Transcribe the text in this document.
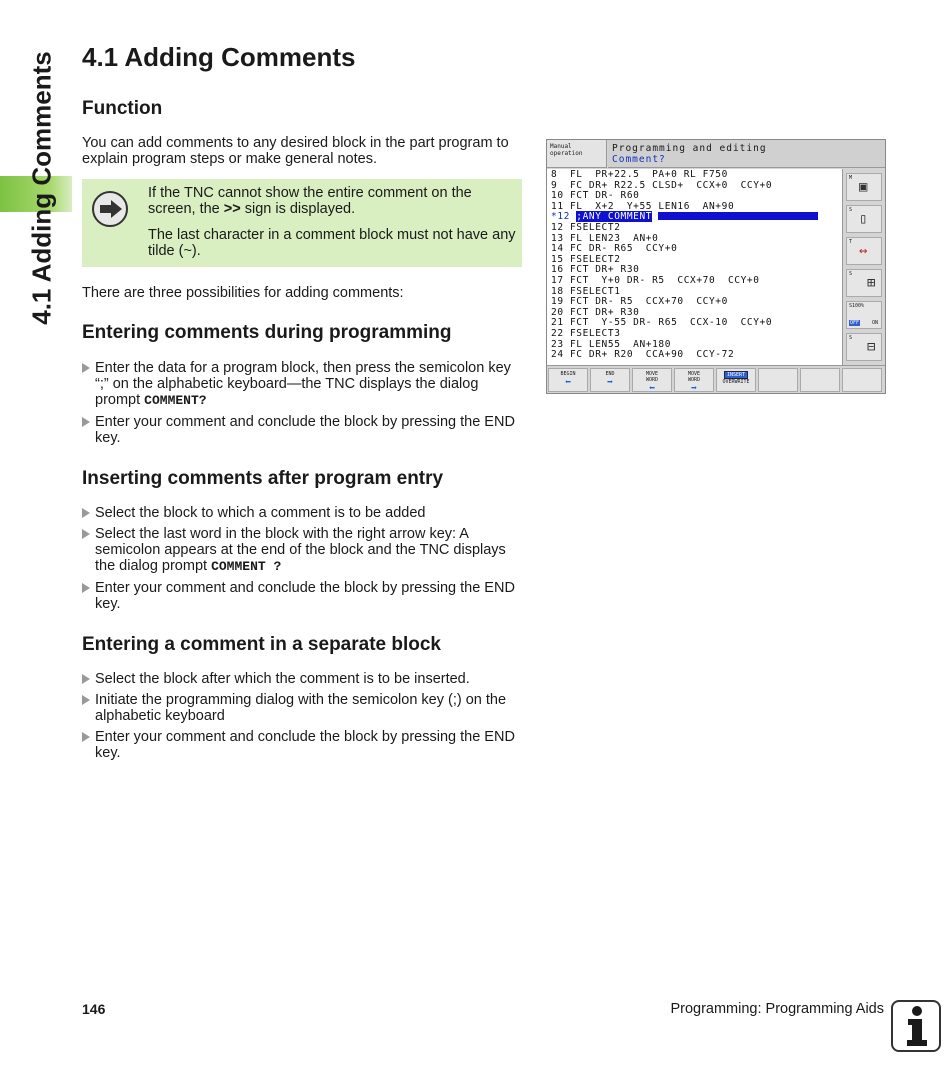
4.1 Adding Comments 4.1 Adding Comments
Function
You can add comments to any desired block in the part program to explain program steps or make general notes.

If the TNC cannot show the entire comment on the screen, the >> sign is displayed.

The last character in a comment block must not have any tilde (~).

There are three possibilities for adding comments:
Entering comments during programming
Enter the data for a program block, then press the semicolon key “;” on the alphabetic keyboard—the TNC displays the dialog prompt COMMENT?
Enter your comment and conclude the block by pressing the END key.
Inserting comments after program entry
Select the block to which a comment is to be added
Select the last word in the block with the right arrow key: A semicolon appears at the end of the block and the TNC displays the dialog prompt COMMENT ?
Enter your comment and conclude the block by pressing the END key.
Entering a comment in a separate block
Select the block after which the comment is to be inserted.
Initiate the programming dialog with the semicolon key (;) on the alphabetic keyboard
Enter your comment and conclude the block by pressing the END key.
Manual
operation	Programming and editing
Comment?
8  FL  PR+22.5  PA+0 RL F750
9  FC DR+ R22.5 CLSD+  CCX+0  CCY+0
10 FCT DR- R60
11 FL  X+2  Y+55 LEN16  AN+90
*12 ;ANY COMMENT
12 FSELECT2
13 FL LEN23  AN+0
14 FC DR- R65  CCY+0
15 FSELECT2
16 FCT DR+ R30
17 FCT  Y+0 DR- R5  CCX+70  CCY+0
18 FSELECT1
19 FCT DR- R5  CCX+70  CCY+0
20 FCT DR+ R30
21 FCT  Y-55 DR- R65  CCX-10  CCY+0
22 FSELECT3
23 FL LEN55  AN+180
24 FC DR+ R20  CCA+90  CCY-72
M
▣
S
▯
T
↔
S
⊞
S100%
OFF	ON
S
⊟
BEGIN
⬅
END
➡
MOVE
WORD
⬅
MOVE
WORD
➡
INSERT
OVERWRITE
146	Programming: Programming Aids
